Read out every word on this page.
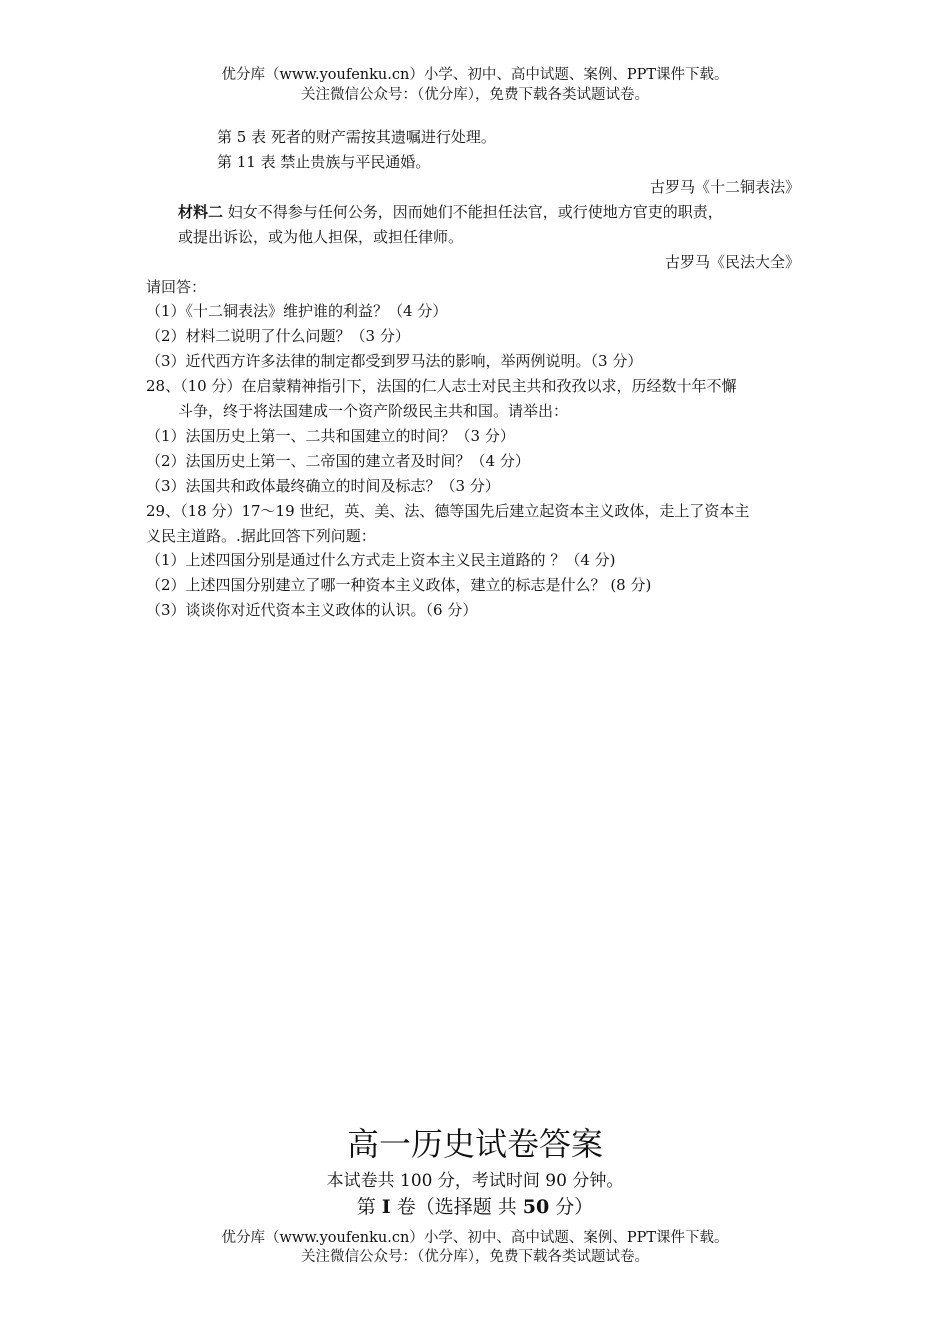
优分库（www.youfenku.cn）小学、初中、高中试题、案例、PPT课件下载。
关注微信公众号：（优分库），免费下载各类试题试卷。
第 5 表 死者的财产需按其遗嘱进行处理。
第 11 表 禁止贵族与平民通婚。
古罗马《十二铜表法》
材料二 妇女不得参与任何公务，因而她们不能担任法官，或行使地方官吏的职责，
或提出诉讼，或为他人担保，或担任律师。
古罗马《民法大全》
请回答：
（1）《十二铜表法》维护谁的利益？（4 分）
（2）材料二说明了什么问题？（3 分）
（3）近代西方许多法律的制定都受到罗马法的影响，举两例说明。（3 分）
28、（10 分）在启蒙精神指引下，法国的仁人志士对民主共和孜孜以求，历经数十年不懈
斗争，终于将法国建成一个资产阶级民主共和国。请举出：
（1）法国历史上第一、二共和国建立的时间？（3 分）
（2）法国历史上第一、二帝国的建立者及时间？（4 分）
（3）法国共和政体最终确立的时间及标志？（3 分）
29、（18 分）17～19 世纪，英、美、法、德等国先后建立起资本主义政体，走上了资本主
义民主道路。.据此回答下列问题：
（1）上述四国分别是通过什么方式走上资本主义民主道路的 ？（4 分)
（2）上述四国分别建立了哪一种资本主义政体，建立的标志是什么？ (8 分)
（3）谈谈你对近代资本主义政体的认识。（6 分）
高一历史试卷答案
本试卷共 100 分，考试时间 90 分钟。
第 I 卷（选择题 共 50 分）
优分库（www.youfenku.cn）小学、初中、高中试题、案例、PPT课件下载。
关注微信公众号：（优分库），免费下载各类试题试卷。
